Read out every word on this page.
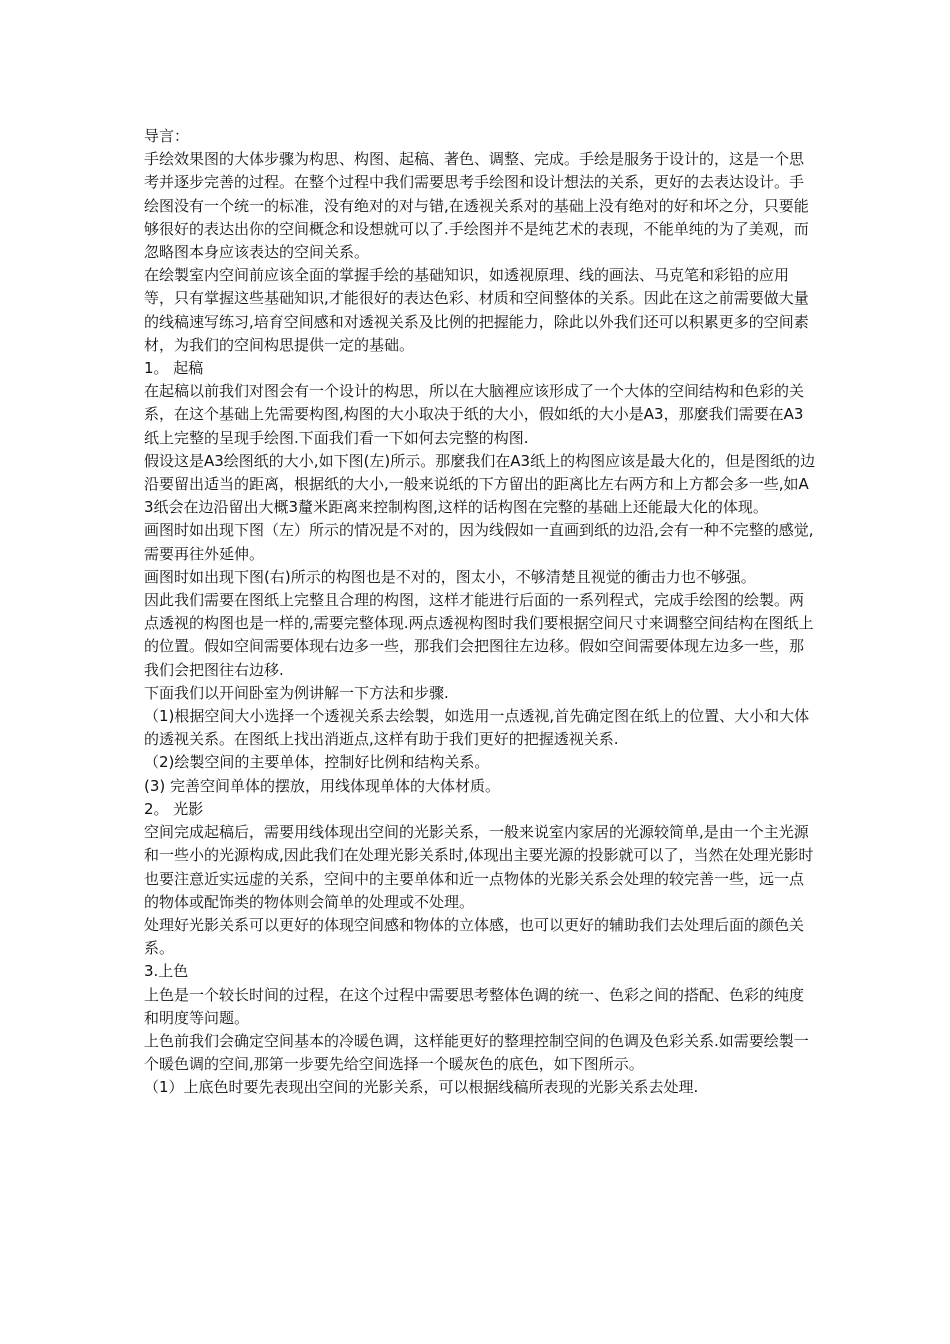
导言：

手绘效果图的大体步骤为构思、构图、起稿、著色、调整、完成。手绘是服务于设计的，这是一个思考并逐步完善的过程。在整个过程中我们需要思考手绘图和设计想法的关系，更好的去表达设计。手绘图没有一个统一的标准，没有绝对的对与错,在透视关系对的基础上没有绝对的好和坏之分，只要能够很好的表达出你的空间概念和设想就可以了.手绘图并不是纯艺术的表现，不能单纯的为了美观，而忽略图本身应该表达的空间关系。

在绘製室内空间前应该全面的掌握手绘的基础知识，如透视原理、线的画法、马克笔和彩铅的应用等，只有掌握这些基础知识,才能很好的表达色彩、材质和空间整体的关系。因此在这之前需要做大量的线稿速写练习,培育空间感和对透视关系及比例的把握能力，除此以外我们还可以积累更多的空间素材，为我们的空间构思提供一定的基础。

1。 起稿

在起稿以前我们对图会有一个设计的构思，所以在大脑裡应该形成了一个大体的空间结构和色彩的关系，在这个基础上先需要构图,构图的大小取决于纸的大小，假如纸的大小是A3，那麼我们需要在A3纸上完整的呈现手绘图.下面我们看一下如何去完整的构图.

假设这是A3绘图纸的大小,如下图(左)所示。那麼我们在A3纸上的构图应该是最大化的，但是图纸的边沿要留出适当的距离，根据纸的大小,一般来说纸的下方留出的距离比左右两方和上方都会多一些,如A3纸会在边沿留出大概3釐米距离来控制构图,这样的话构图在完整的基础上还能最大化的体现。

画图时如出现下图（左）所示的情况是不对的，因为线假如一直画到纸的边沿,会有一种不完整的感觉,需要再往外延伸。

画图时如出现下图(右)所示的构图也是不对的，图太小，不够清楚且视觉的衝击力也不够强。

因此我们需要在图纸上完整且合理的构图，这样才能进行后面的一系列程式，完成手绘图的绘製。两点透视的构图也是一样的,需要完整体现.两点透视构图时我们要根据空间尺寸来调整空间结构在图纸上的位置。假如空间需要体现右边多一些，那我们会把图往左边移。假如空间需要体现左边多一些，那我们会把图往右边移.

下面我们以开间卧室为例讲解一下方法和步骤.

（1)根据空间大小选择一个透视关系去绘製，如选用一点透视,首先确定图在纸上的位置、大小和大体的透视关系。在图纸上找出消逝点,这样有助于我们更好的把握透视关系.

（2)绘製空间的主要单体，控制好比例和结构关系。

(3) 完善空间单体的摆放，用线体现单体的大体材质。

2。 光影

空间完成起稿后，需要用线体现出空间的光影关系，一般来说室内家居的光源较简单,是由一个主光源和一些小的光源构成,因此我们在处理光影关系时,体现出主要光源的投影就可以了，当然在处理光影时也要注意近实远虚的关系，空间中的主要单体和近一点物体的光影关系会处理的较完善一些，远一点的物体或配饰类的物体则会简单的处理或不处理。

处理好光影关系可以更好的体现空间感和物体的立体感，也可以更好的辅助我们去处理后面的颜色关系。

3.上色

上色是一个较长时间的过程，在这个过程中需要思考整体色调的统一、色彩之间的搭配、色彩的纯度和明度等问题。

上色前我们会确定空间基本的冷暖色调，这样能更好的整理控制空间的色调及色彩关系.如需要绘製一个暖色调的空间,那第一步要先给空间选择一个暖灰色的底色，如下图所示。

（1）上底色时要先表现出空间的光影关系，可以根据线稿所表现的光影关系去处理.
